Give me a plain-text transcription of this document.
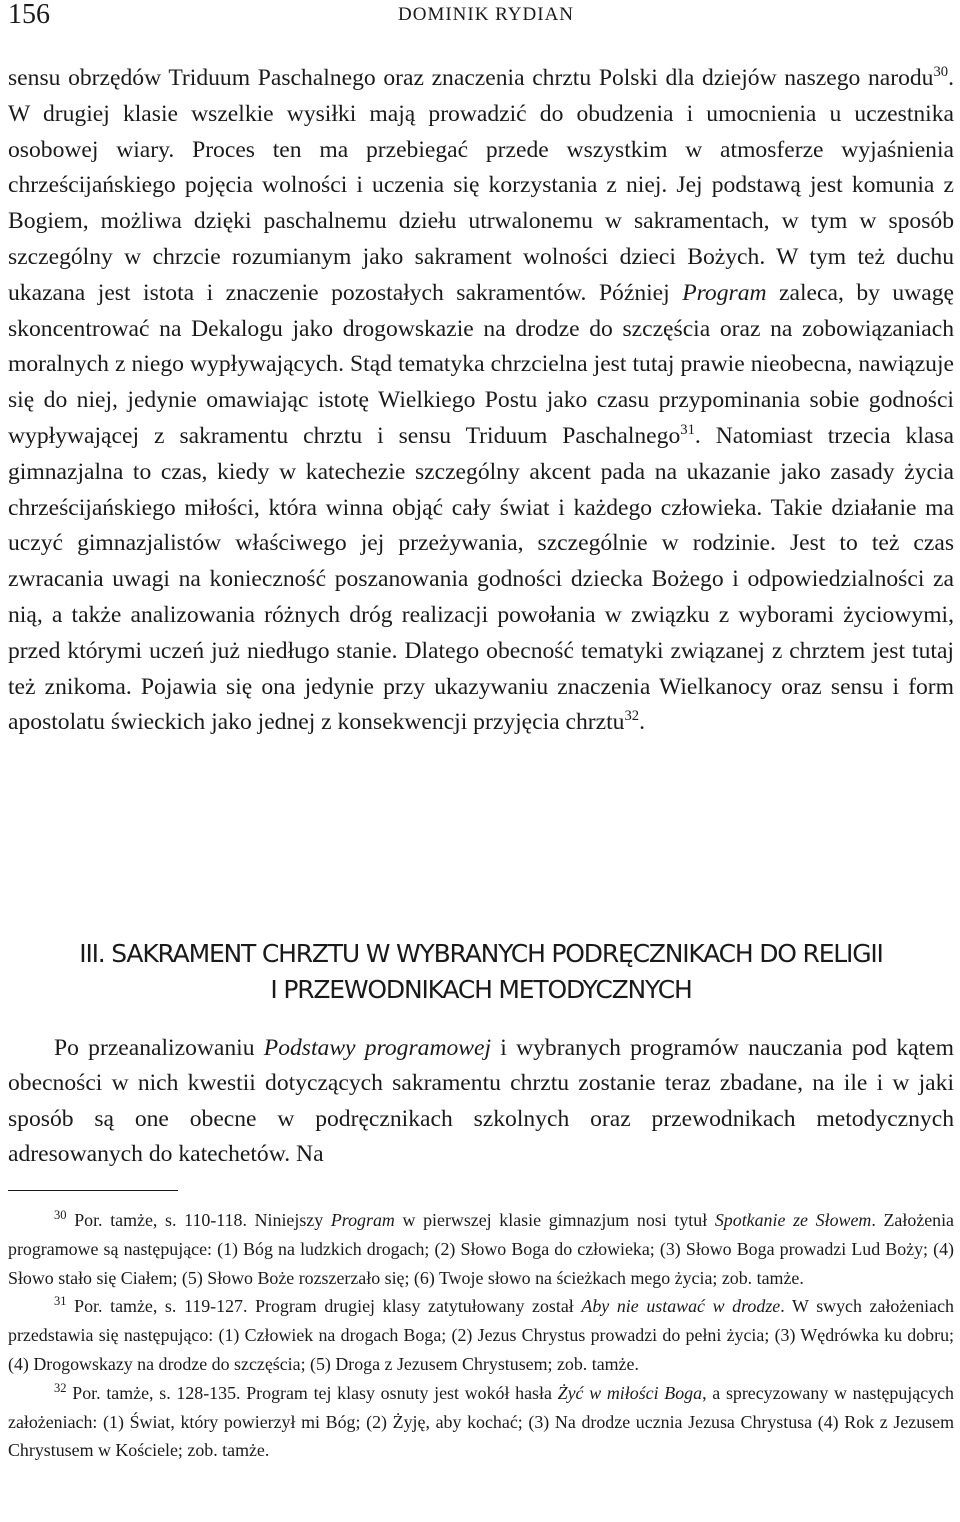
156	DOMINIK RYDIAN

sensu obrzędów Triduum Paschalnego oraz znaczenia chrztu Polski dla dziejów naszego narodu$^{30}$. W drugiej klasie wszelkie wysiłki mają prowadzić do obudzenia i umocnienia u uczestnika osobowej wiary. Proces ten ma przebiegać przede wszystkim w atmosferze wyjaśnienia chrześcijańskiego pojęcia wolności i uczenia się korzystania z niej. Jej podstawą jest komunia z Bogiem, możliwa dzięki paschalnemu dziełu utrwalonemu w sakramentach, w tym w sposób szczególny w chrzcie rozumianym jako sakrament wolności dzieci Bożych. W tym też duchu ukazana jest istota i znaczenie pozostałych sakramentów. Później Program zaleca, by uwagę skoncentrować na Dekalogu jako drogowskazie na drodze do szczęścia oraz na zobowiązaniach moralnych z niego wypływających. Stąd tematyka chrzcielna jest tutaj prawie nieobecna, nawiązuje się do niej, jedynie omawiając istotę Wielkiego Postu jako czasu przypominania sobie godności wypływającej z sakramentu chrztu i sensu Triduum Paschalnego$^{31}$. Natomiast trzecia klasa gimnazjalna to czas, kiedy w katechezie szczególny akcent pada na ukazanie jako zasady życia chrześcijańskiego miłości, która winna objąć cały świat i każdego człowieka. Takie działanie ma uczyć gimnazjalistów właściwego jej przeżywania, szczególnie w rodzinie. Jest to też czas zwracania uwagi na konieczność poszanowania godności dziecka Bożego i odpowiedzialności za nią, a także analizowania różnych dróg realizacji powołania w związku z wyborami życiowymi, przed którymi uczeń już niedługo stanie. Dlatego obecność tematyki związanej z chrztem jest tutaj też znikoma. Pojawia się ona jedynie przy ukazywaniu znaczenia Wielkanocy oraz sensu i form apostolatu świeckich jako jednej z konsekwencji przyjęcia chrztu$^{32}$.

III. SAKRAMENT CHRZTU W WYBRANYCH PODRĘCZNIKACH DO RELIGII
I PRZEWODNIKACH METODYCZNYCH

Po przeanalizowaniu Podstawy programowej i wybranych programów nauczania pod kątem obecności w nich kwestii dotyczących sakramentu chrztu zostanie teraz zbadane, na ile i w jaki sposób są one obecne w podręcznikach szkolnych oraz przewodnikach metodycznych adresowanych do katechetów. Na

$^{30}$ Por. tamże, s. 110-118. Niniejszy Program w pierwszej klasie gimnazjum nosi tytuł Spotkanie ze Słowem. Założenia programowe są następujące: (1) Bóg na ludzkich drogach; (2) Słowo Boga do człowieka; (3) Słowo Boga prowadzi Lud Boży; (4) Słowo stało się Ciałem; (5) Słowo Boże rozszerzało się; (6) Twoje słowo na ścieżkach mego życia; zob. tamże.

$^{31}$ Por. tamże, s. 119-127. Program drugiej klasy zatytułowany został Aby nie ustawać w drodze. W swych założeniach przedstawia się następująco: (1) Człowiek na drogach Boga; (2) Jezus Chrystus prowadzi do pełni życia; (3) Wędrówka ku dobru; (4) Drogowskazy na drodze do szczęścia; (5) Droga z Jezusem Chrystusem; zob. tamże.

$^{32}$ Por. tamże, s. 128-135. Program tej klasy osnuty jest wokół hasła Żyć w miłości Boga, a sprecyzowany w następujących założeniach: (1) Świat, który powierzył mi Bóg; (2) Żyję, aby kochać; (3) Na drodze ucznia Jezusa Chrystusa (4) Rok z Jezusem Chrystusem w Kościele; zob. tamże.
